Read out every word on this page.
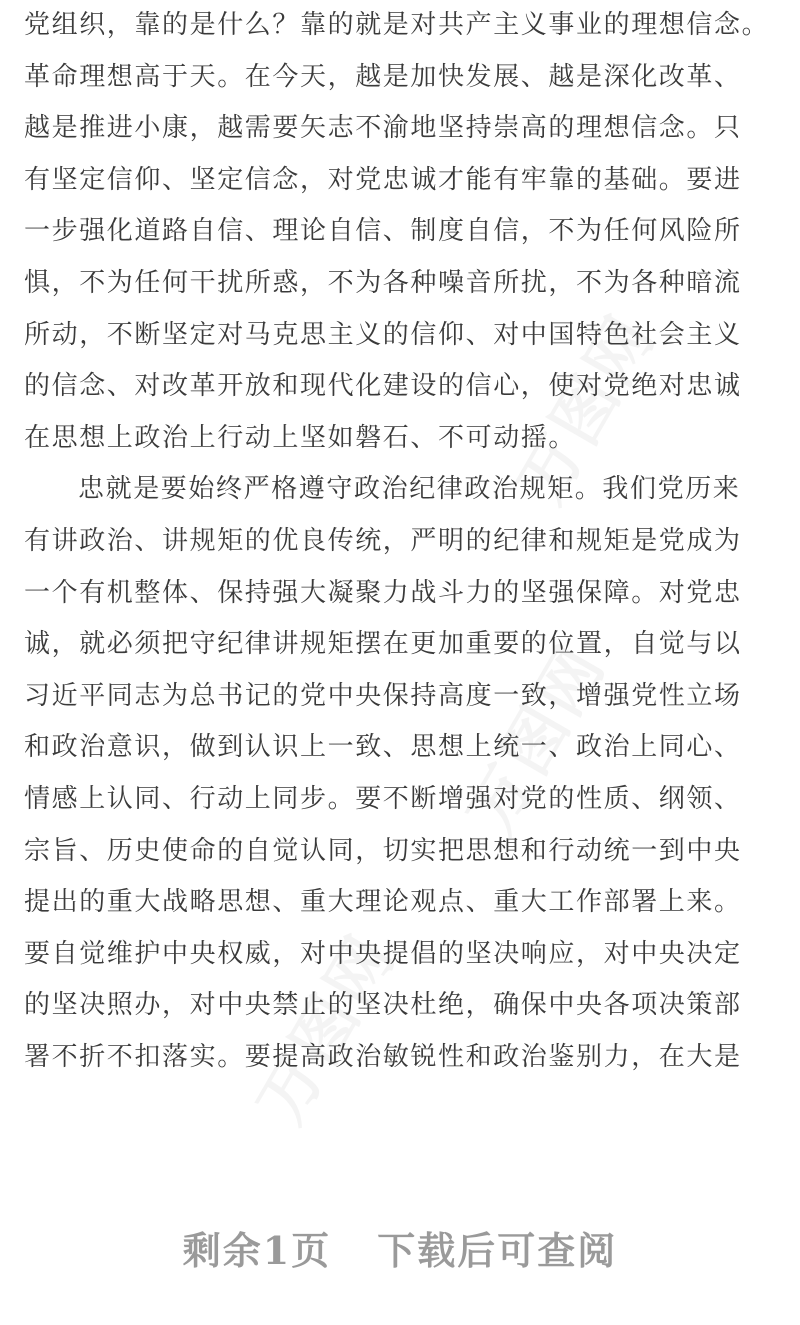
万图网
万图网
万图网
党组织，靠的是什么？靠的就是对共产主义事业的理想信念。
革命理想高于天。在今天，越是加快发展、越是深化改革、
越是推进小康，越需要矢志不渝地坚持崇高的理想信念。只
有坚定信仰、坚定信念，对党忠诚才能有牢靠的基础。要进
一步强化道路自信、理论自信、制度自信，不为任何风险所
惧，不为任何干扰所惑，不为各种噪音所扰，不为各种暗流
所动，不断坚定对马克思主义的信仰、对中国特色社会主义
的信念、对改革开放和现代化建设的信心，使对党绝对忠诚
在思想上政治上行动上坚如磐石、不可动摇。
忠就是要始终严格遵守政治纪律政治规矩。我们党历来
有讲政治、讲规矩的优良传统，严明的纪律和规矩是党成为
一个有机整体、保持强大凝聚力战斗力的坚强保障。对党忠
诚，就必须把守纪律讲规矩摆在更加重要的位置，自觉与以
习近平同志为总书记的党中央保持高度一致，增强党性立场
和政治意识，做到认识上一致、思想上统一、政治上同心、
情感上认同、行动上同步。要不断增强对党的性质、纲领、
宗旨、历史使命的自觉认同，切实把思想和行动统一到中央
提出的重大战略思想、重大理论观点、重大工作部署上来。
要自觉维护中央权威，对中央提倡的坚决响应，对中央决定
的坚决照办，对中央禁止的坚决杜绝，确保中央各项决策部
署不折不扣落实。要提高政治敏锐性和政治鉴别力，在大是
剩余1页 下载后可查阅
